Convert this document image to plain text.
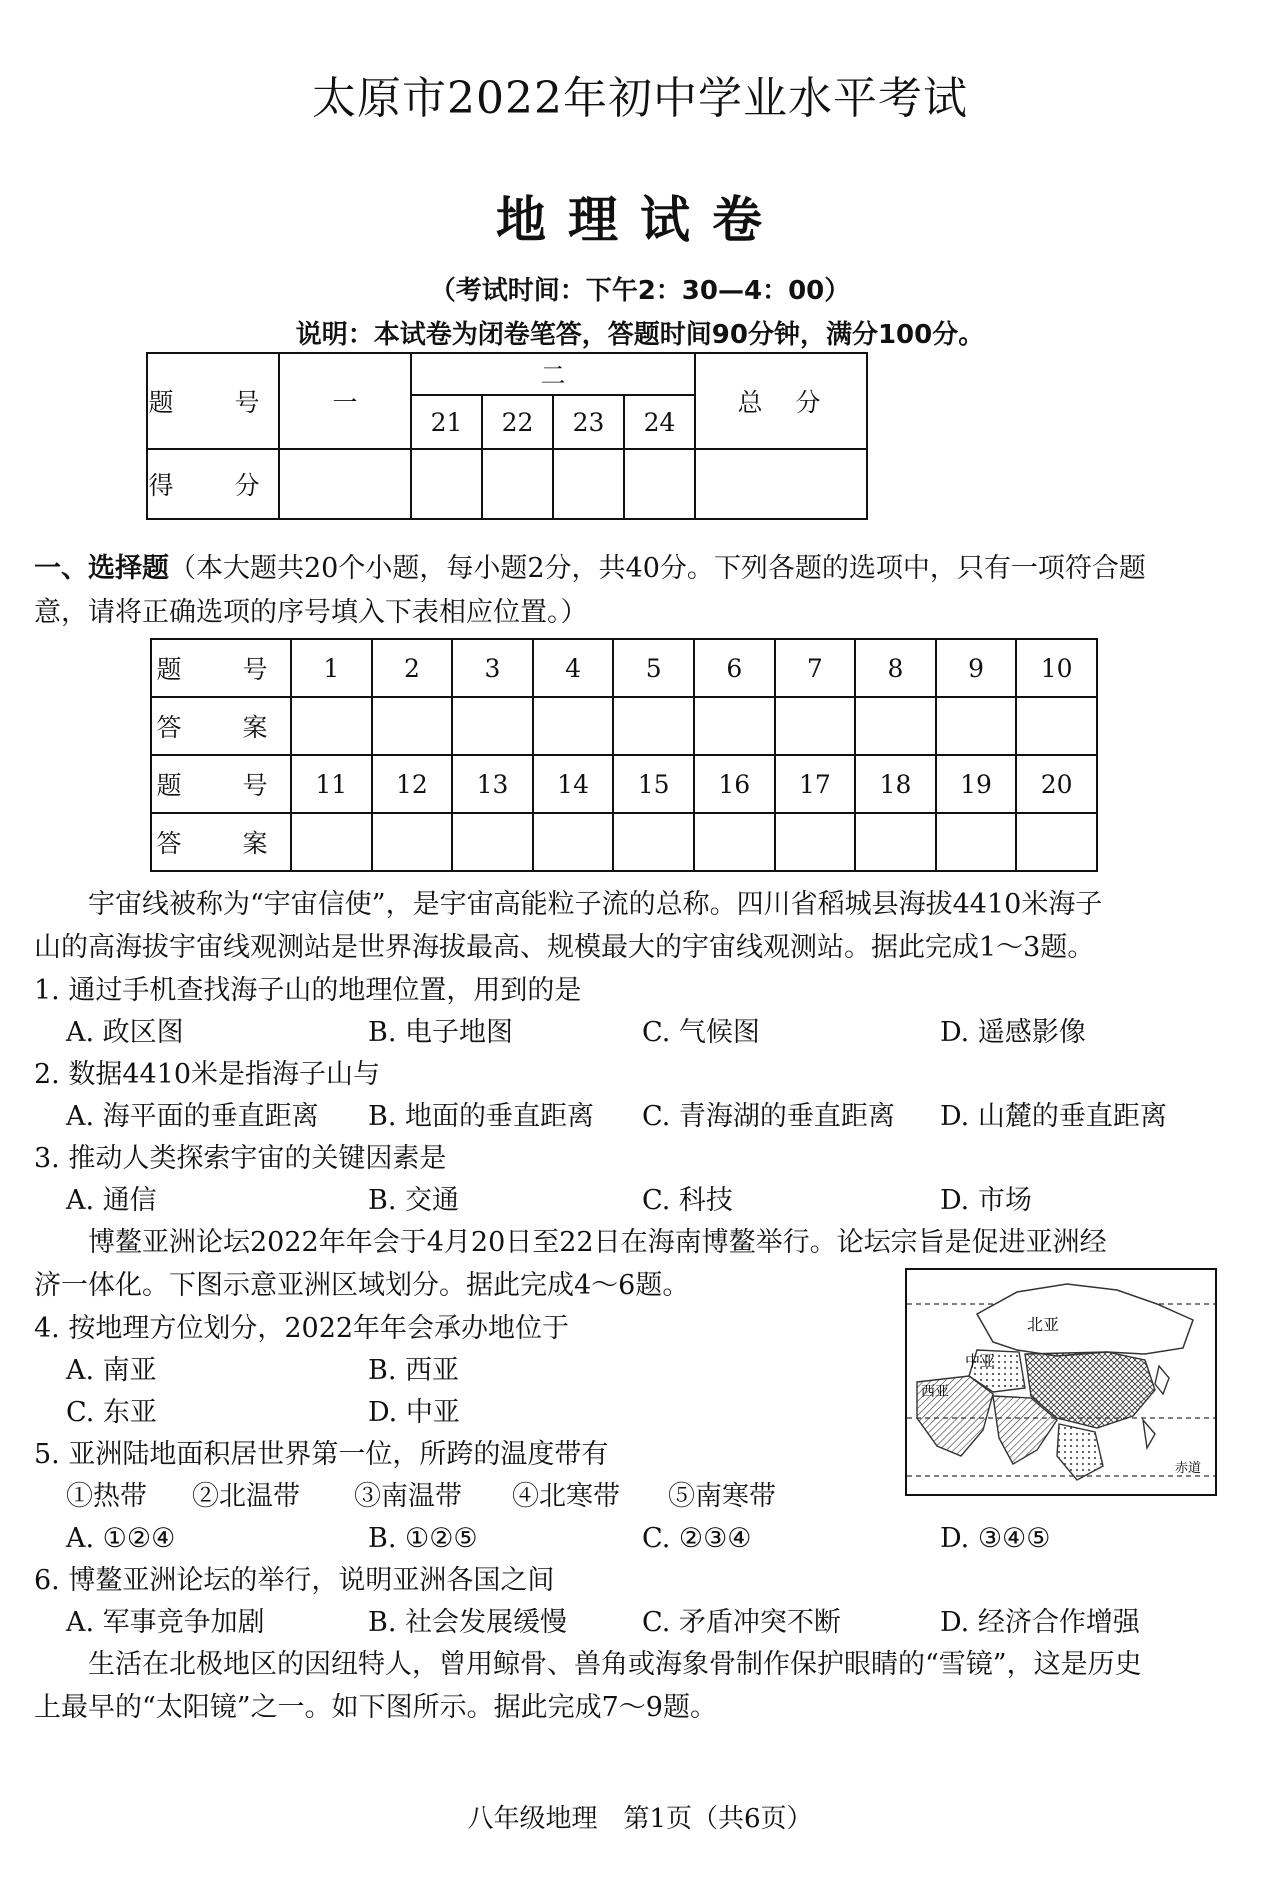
太原市2022年初中学业水平考试
地理试卷
（考试时间：下午2：30—4：00）
说明：本试卷为闭卷笔答，答题时间90分钟，满分100分。
题　号	一	二				总　分
		21	22	23	24	
得　分						
一、选择题（本大题共20个小题，每小题2分，共40分。下列各题的选项中，只有一项符合题
意，请将正确选项的序号填入下表相应位置。）
题　号	1	2	3	4	5	6	7	8	9	10
答　案										
题　号	11	12	13	14	15	16	17	18	19	20
答　案										
　　宇宙线被称为“宇宙信使”，是宇宙高能粒子流的总称。四川省稻城县海拔4410米海子
山的高海拔宇宙线观测站是世界海拔最高、规模最大的宇宙线观测站。据此完成1～3题。
1. 通过手机查找海子山的地理位置，用到的是
A. 政区图	B. 电子地图	C. 气候图	D. 遥感影像
2. 数据4410米是指海子山与
A. 海平面的垂直距离 B. 地面的垂直距离 C. 青海湖的垂直距离 D. 山麓的垂直距离
3. 推动人类探索宇宙的关键因素是
A. 通信	B. 交通	C. 科技	D. 市场
　　博鳌亚洲论坛2022年年会于4月20日至22日在海南博鳌举行。论坛宗旨是促进亚洲经
济一体化。下图示意亚洲区域划分。据此完成4～6题。
北亚
中亚
西亚
赤道
4. 按地理方位划分，2022年年会承办地位于
A. 南亚	B. 西亚
C. 东亚	D. 中亚
5. 亚洲陆地面积居世界第一位，所跨的温度带有
①热带 ②北温带 ③南温带 ④北寒带 ⑤南寒带
A. ①②④	B. ①②⑤	C. ②③④	D. ③④⑤
6. 博鳌亚洲论坛的举行，说明亚洲各国之间
A. 军事竞争加剧	B. 社会发展缓慢	C. 矛盾冲突不断	D. 经济合作增强
　　生活在北极地区的因纽特人，曾用鲸骨、兽角或海象骨制作保护眼睛的“雪镜”，这是历史
上最早的“太阳镜”之一。如下图所示。据此完成7～9题。
八年级地理　第1页（共6页）
